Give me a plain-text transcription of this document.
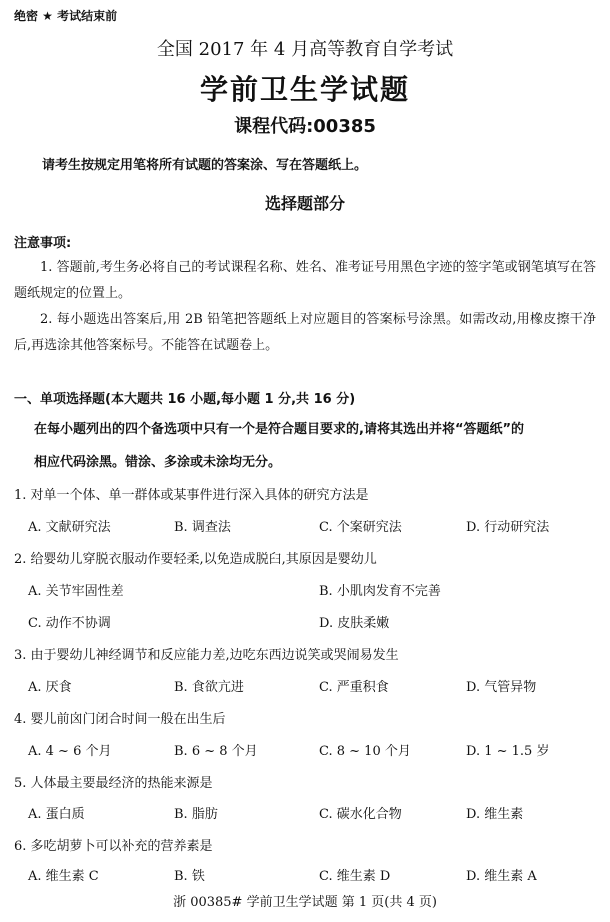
绝密 ★ 考试结束前
全国 2017 年 4 月高等教育自学考试
学前卫生学试题
课程代码:00385
请考生按规定用笔将所有试题的答案涂、写在答题纸上。
选择题部分
注意事项:
1. 答题前,考生务必将自己的考试课程名称、姓名、准考证号用黑色字迹的签字笔或钢笔填写在答题纸规定的位置上。
2. 每小题选出答案后,用 2B 铅笔把答题纸上对应题目的答案标号涂黑。如需改动,用橡皮擦干净后,再选涂其他答案标号。不能答在试题卷上。
一、单项选择题(本大题共 16 小题,每小题 1 分,共 16 分)
在每小题列出的四个备选项中只有一个是符合题目要求的,请将其选出并将“答题纸”的
相应代码涂黑。错涂、多涂或未涂均无分。
1. 对单一个体、单一群体或某事件进行深入具体的研究方法是
A. 文献研究法	B. 调查法	C. 个案研究法	D. 行动研究法
2. 给婴幼儿穿脱衣服动作要轻柔,以免造成脱臼,其原因是婴幼儿
A. 关节牢固性差	B. 小肌肉发育不完善
C. 动作不协调	D. 皮肤柔嫩
3. 由于婴幼儿神经调节和反应能力差,边吃东西边说笑或哭闹易发生
A. 厌食	B. 食欲亢进	C. 严重积食	D. 气管异物
4. 婴儿前囟门闭合时间一般在出生后
A. 4 ~ 6 个月	B. 6 ~ 8 个月	C. 8 ~ 10 个月	D. 1 ~ 1.5 岁
5. 人体最主要最经济的热能来源是
A. 蛋白质	B. 脂肪	C. 碳水化合物	D. 维生素
6. 多吃胡萝卜可以补充的营养素是
A. 维生素 C	B. 铁	C. 维生素 D	D. 维生素 A
浙 00385# 学前卫生学试题 第 1 页(共 4 页)
